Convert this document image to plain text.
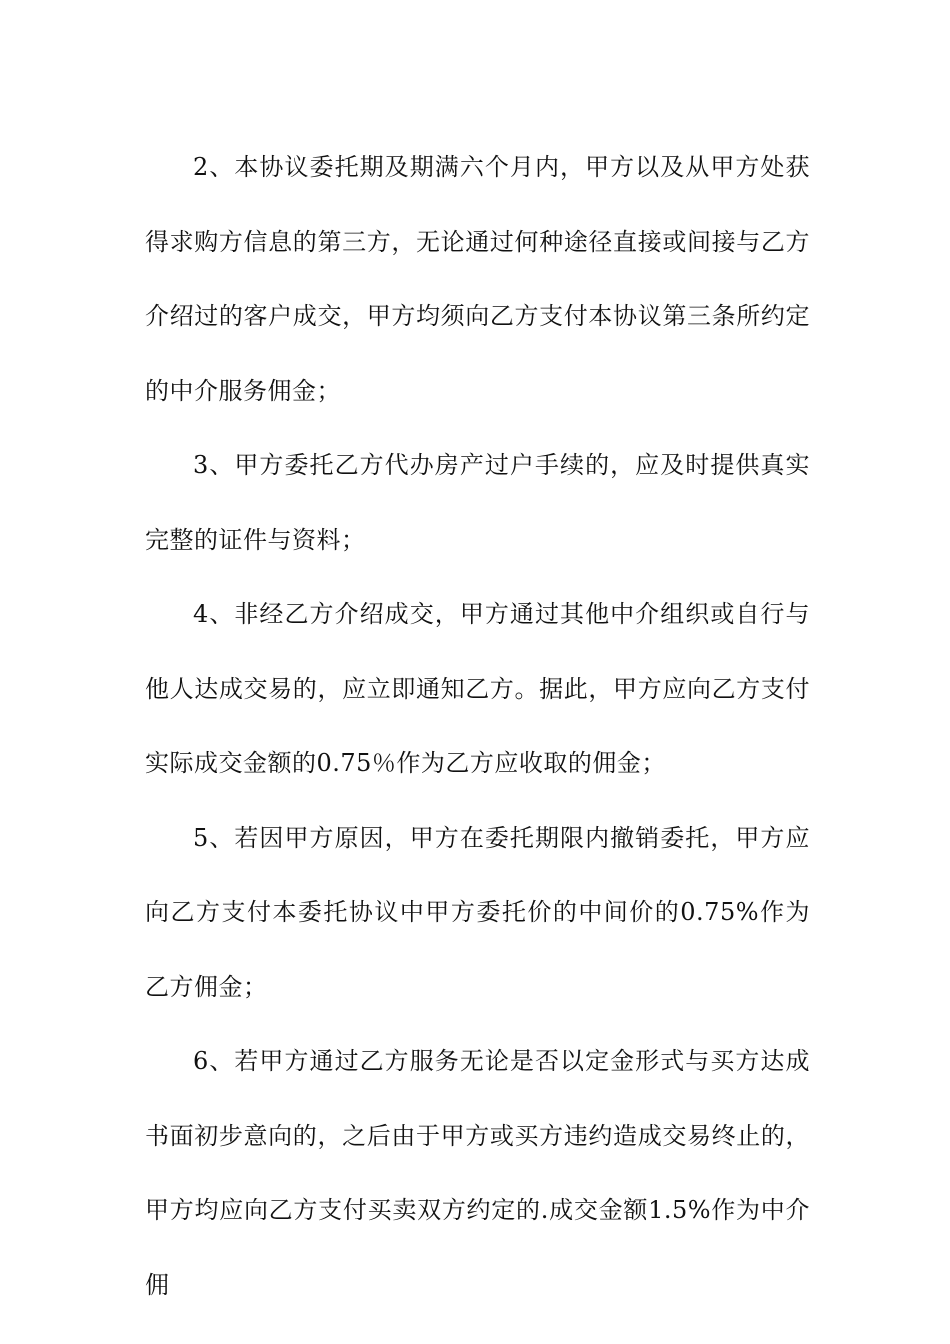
2、本协议委托期及期满六个月内，甲方以及从甲方处获得求购方信息的第三方，无论通过何种途径直接或间接与乙方介绍过的客户成交，甲方均须向乙方支付本协议第三条所约定的中介服务佣金；

3、甲方委托乙方代办房产过户手续的，应及时提供真实完整的证件与资料；

4、非经乙方介绍成交，甲方通过其他中介组织或自行与他人达成交易的，应立即通知乙方。据此，甲方应向乙方支付实际成交金额的0.75％作为乙方应收取的佣金；

5、若因甲方原因，甲方在委托期限内撤销委托，甲方应向乙方支付本委托协议中甲方委托价的中间价的0.75%作为乙方佣金；

6、若甲方通过乙方服务无论是否以定金形式与买方达成书面初步意向的，之后由于甲方或买方违约造成交易终止的，甲方均应向乙方支付买卖双方约定的.成交金额1.5%作为中介佣
